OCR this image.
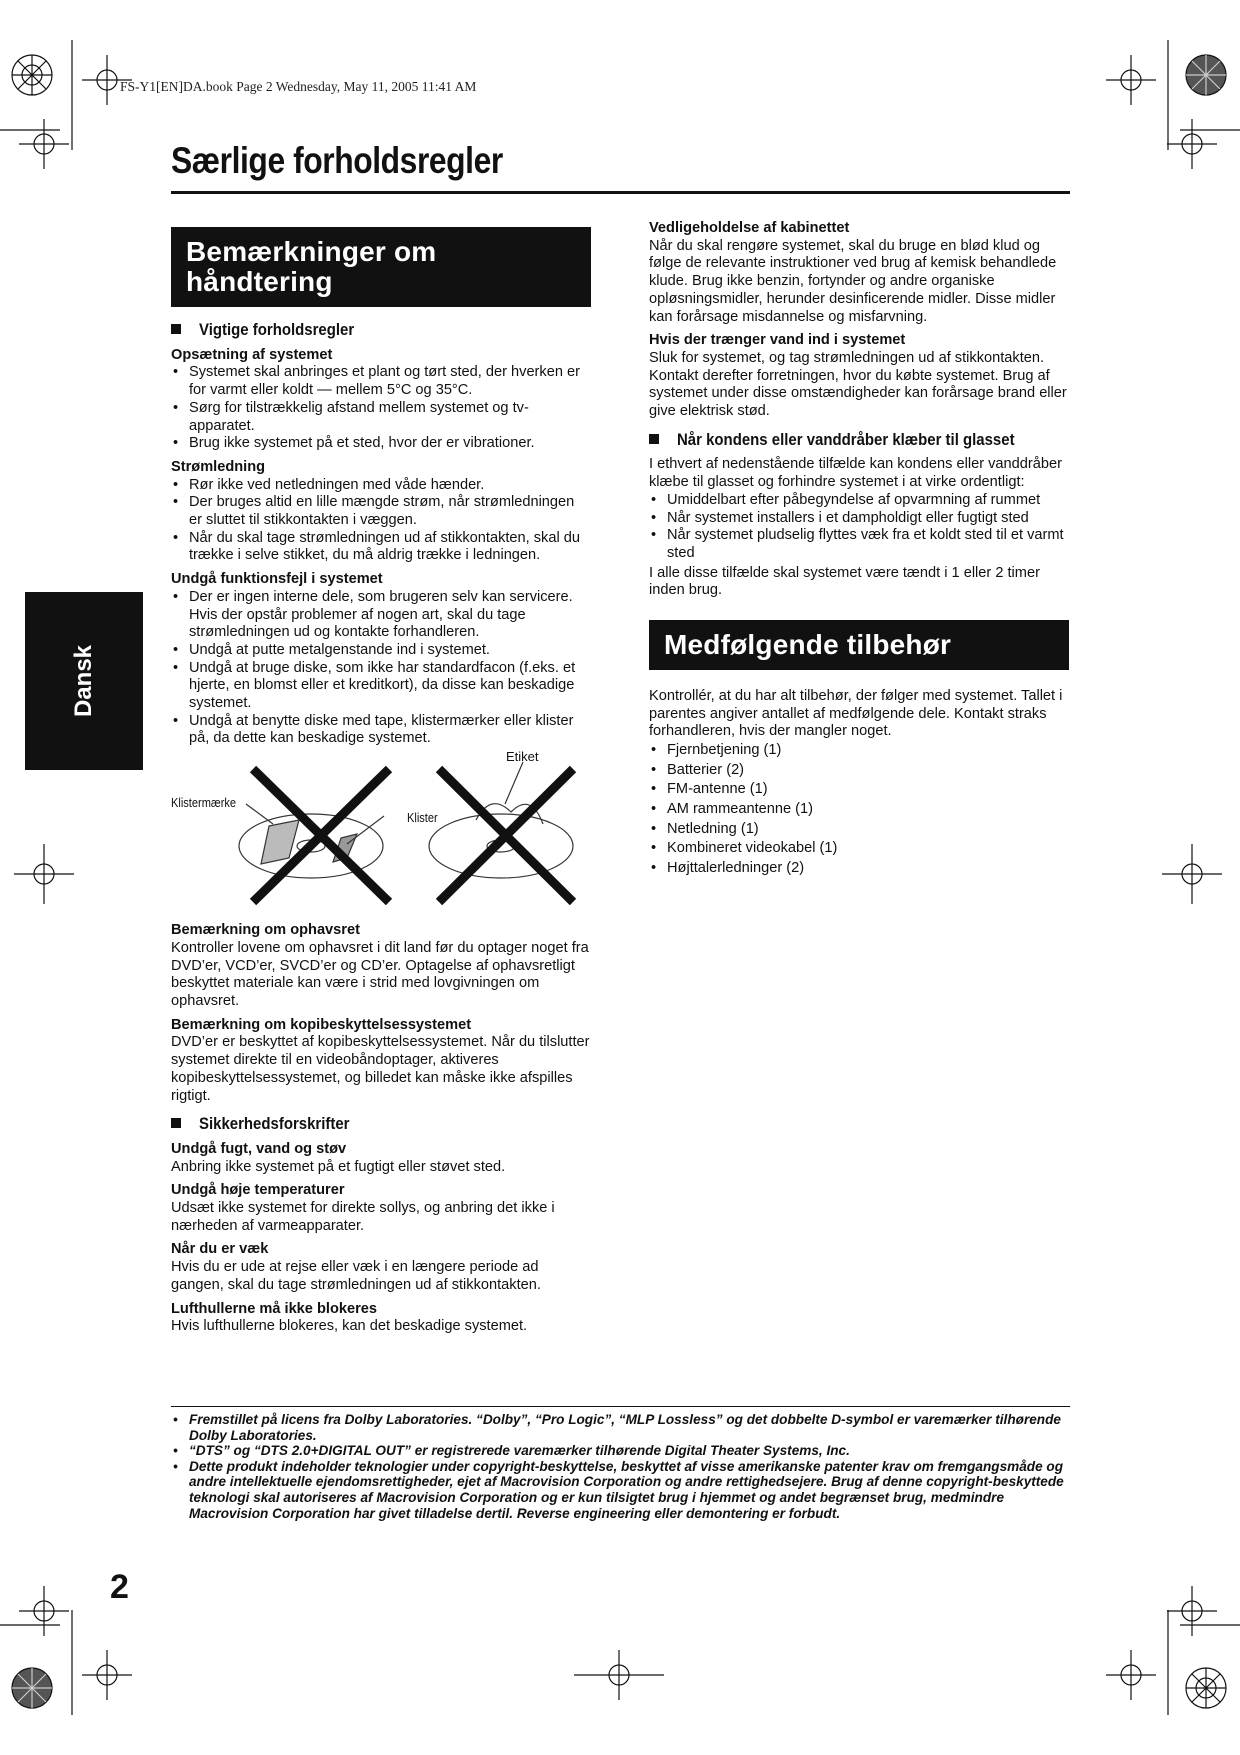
FS-Y1[EN]DA.book Page 2 Wednesday, May 11, 2005 11:41 AM
Særlige forholdsregler
Dansk
Bemærkninger om håndtering
Vigtige forholdsregler
Opsætning af systemet
• Systemet skal anbringes et plant og tørt sted, der hverken er for varmt eller koldt — mellem 5°C og 35°C.
• Sørg for tilstrækkelig afstand mellem systemet og tv-apparatet.
• Brug ikke systemet på et sted, hvor der er vibrationer.
Strømledning
• Rør ikke ved netledningen med våde hænder.
• Der bruges altid en lille mængde strøm, når strømledningen er sluttet til stikkontakten i væggen.
• Når du skal tage strømledningen ud af stikkontakten, skal du trække i selve stikket, du må aldrig trække i ledningen.
Undgå funktionsfejl i systemet
• Der er ingen interne dele, som brugeren selv kan servicere. Hvis der opstår problemer af nogen art, skal du tage strømledningen ud og kontakte forhandleren.
• Undgå at putte metalgenstande ind i systemet.
• Undgå at bruge diske, som ikke har standardfacon (f.eks. et hjerte, en blomst eller et kreditkort), da disse kan beskadige systemet.
• Undgå at benytte diske med tape, klistermærker eller klister på, da dette kan beskadige systemet.
Etiket
Klistermærke
Klister
Bemærkning om ophavsret

Kontroller lovene om ophavsret i dit land før du optager noget fra DVD’er, VCD’er, SVCD’er og CD’er. Optagelse af ophavsretligt beskyttet materiale kan være i strid med lovgivningen om ophavsret.

Bemærkning om kopibeskyttelsessystemet

DVD’er er beskyttet af kopibeskyttelsessystemet. Når du tilslutter systemet direkte til en videobåndoptager, aktiveres kopibeskyttelsessystemet, og billedet kan måske ikke afspilles rigtigt.

Sikkerhedsforskrifter
Undgå fugt, vand og støv

Anbring ikke systemet på et fugtigt eller støvet sted.

Undgå høje temperaturer

Udsæt ikke systemet for direkte sollys, og anbring det ikke i nærheden af varmeapparater.

Når du er væk

Hvis du er ude at rejse eller væk i en længere periode ad gangen, skal du tage strømledningen ud af stikkontakten.

Lufthullerne må ikke blokeres

Hvis lufthullerne blokeres, kan det beskadige systemet.

Vedligeholdelse af kabinettet

Når du skal rengøre systemet, skal du bruge en blød klud og følge de relevante instruktioner ved brug af kemisk behandlede klude. Brug ikke benzin, fortynder og andre organiske opløsningsmidler, herunder desinficerende midler. Disse midler kan forårsage misdannelse og misfarvning.

Hvis der trænger vand ind i systemet

Sluk for systemet, og tag strømledningen ud af stikkontakten. Kontakt derefter forretningen, hvor du købte systemet. Brug af systemet under disse omstændigheder kan forårsage brand eller give elektrisk stød.

Når kondens eller vanddråber klæber til glasset

I ethvert af nedenstående tilfælde kan kondens eller vanddråber klæbe til glasset og forhindre systemet i at virke ordentligt:

• Umiddelbart efter påbegyndelse af opvarmning af rummet
• Når systemet installers i et dampholdigt eller fugtigt sted
• Når systemet pludselig flyttes væk fra et koldt sted til et varmt sted

I alle disse tilfælde skal systemet være tændt i 1 eller 2 timer inden brug.

Medfølgende tilbehør

Kontrollér, at du har alt tilbehør, der følger med systemet. Tallet i parentes angiver antallet af medfølgende dele. Kontakt straks forhandleren, hvis der mangler noget.

• Fjernbetjening (1)
• Batterier (2)
• FM-antenne (1)
• AM rammeantenne (1)
• Netledning (1)
• Kombineret videokabel (1)
• Højttalerledninger (2)
• Fremstillet på licens fra Dolby Laboratories. “Dolby”, “Pro Logic”, “MLP Lossless” og det dobbelte D-symbol er varemærker tilhørende Dolby Laboratories.
• “DTS” og “DTS 2.0+DIGITAL OUT” er registrerede varemærker tilhørende Digital Theater Systems, Inc.
• Dette produkt indeholder teknologier under copyright-beskyttelse, beskyttet af visse amerikanske patenter krav om fremgangsmåde og andre intellektuelle ejendomsrettigheder, ejet af Macrovision Corporation og andre rettighedsejere. Brug af denne copyright-beskyttede teknologi skal autoriseres af Macrovision Corporation og er kun tilsigtet brug i hjemmet og andet begrænset brug, medmindre Macrovision Corporation har givet tilladelse dertil. Reverse engineering eller demontering er forbudt.
2
